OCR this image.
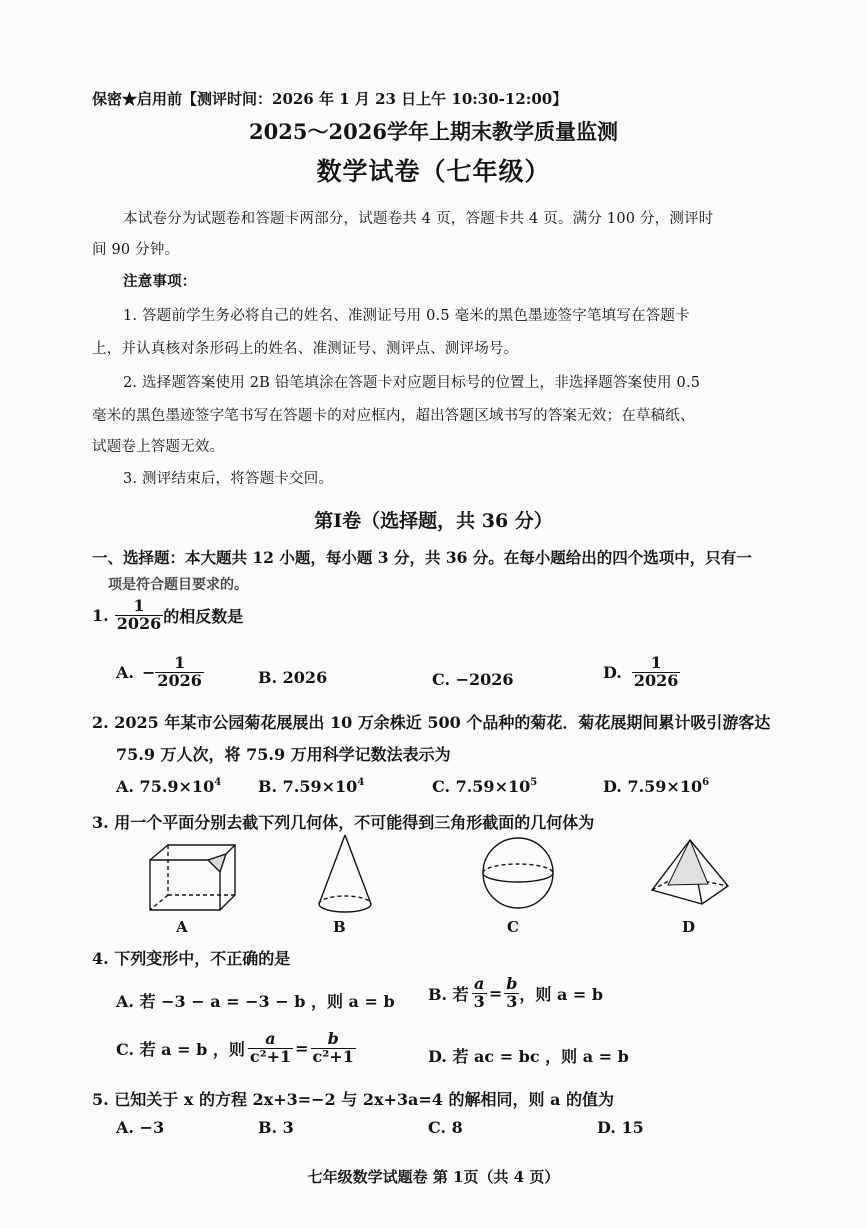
保密★启用前【测评时间：2026 年 1 月 23 日上午 10:30-12:00】
2025～2026学年上期末教学质量监测
数学试卷（七年级）
本试卷分为试题卷和答题卡两部分，试题卷共 4 页，答题卡共 4 页。满分 100 分，测评时
间 90 分钟。
注意事项：
1. 答题前学生务必将自己的姓名、准测证号用 0.5 毫米的黑色墨迹签字笔填写在答题卡
上，并认真核对条形码上的姓名、准测证号、测评点、测评场号。
2. 选择题答案使用 2B 铅笔填涂在答题卡对应题目标号的位置上，非选择题答案使用 0.5
毫米的黑色墨迹签字笔书写在答题卡的对应框内，超出答题区域书写的答案无效；在草稿纸、
试题卷上答题无效。
3. 测评结束后，将答题卡交回。
第I卷（选择题，共 36 分）
一、选择题：本大题共 12 小题，每小题 3 分，共 36 分。在每小题给出的四个选项中，只有一
项是符合题目要求的。
1. $\frac{1}{2026}$ 的相反数是
A. − $\frac{1}{2026}$	B. 2026	C. −2026	D. $\frac{1}{2026}$
2. 2025 年某市公园菊花展展出 10 万余株近 500 个品种的菊花．菊花展期间累计吸引游客达
75.9 万人次，将 75.9 万用科学记数法表示为
A. $75.9\times 10^4$ B. $7.59\times 10^4$	C. $7.59\times 10^5$	D. $7.59\times 10^6$
3. 用一个平面分别去截下列几何体，不可能得到三角形截面的几何体为
A	B	C	D
4. 下列变形中，不正确的是
A. 若 −3 − a = −3 − b ，则 a = b B. 若 $\frac{a}{3} = \frac{b}{3}$ ，则 a = b
C. 若 a = b ，则 $\frac{a}{\text{c²+1}} = \frac{b}{\text{c²+1}}$	D. 若 ac = bc ，则 a = b
5. 已知关于 x 的方程 2x+3=−2 与 2x+3a=4 的解相同，则 a 的值为
A. −3	B. 3	C. 8	D. 15
七年级数学试题卷 第 1页（共 4 页）
